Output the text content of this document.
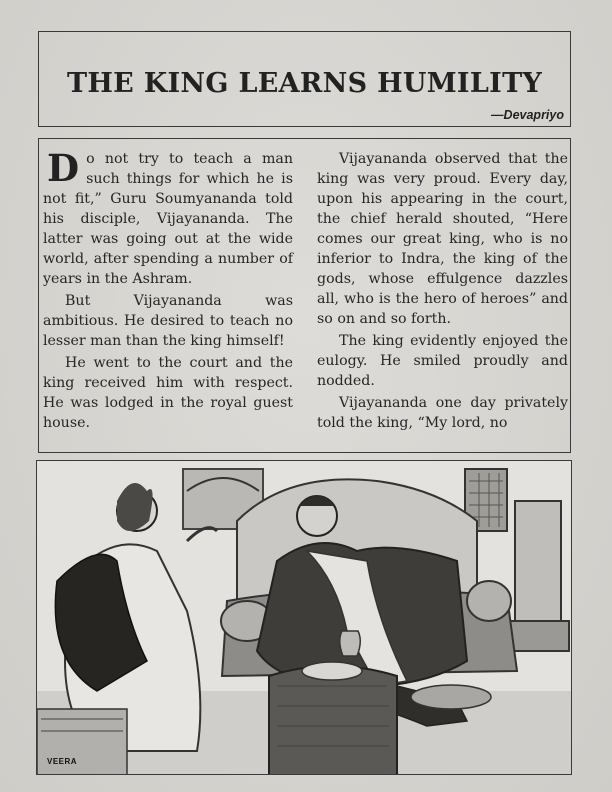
THE KING LEARNS HUMILITY
—Devapriyo

Do not try to teach a man such things for which he is not fit,” Guru Soumyananda told his disciple, Vijayananda. The latter was going out at the wide world, after spending a number of years in the Ashram.

But Vijayananda was ambitious. He desired to teach no lesser man than the king himself!

He went to the court and the king received him with respect. He was lodged in the royal guest house.

Vijayananda observed that the king was very proud. Every day, upon his appearing in the court, the chief herald shouted, “Here comes our great king, who is no inferior to Indra, the king of the gods, whose effulgence dazzles all, who is the hero of heroes” and so on and so forth.

The king evidently enjoyed the eulogy. He smiled proudly and nodded.

Vijayananda one day privately told the king, “My lord, no

VEERA
